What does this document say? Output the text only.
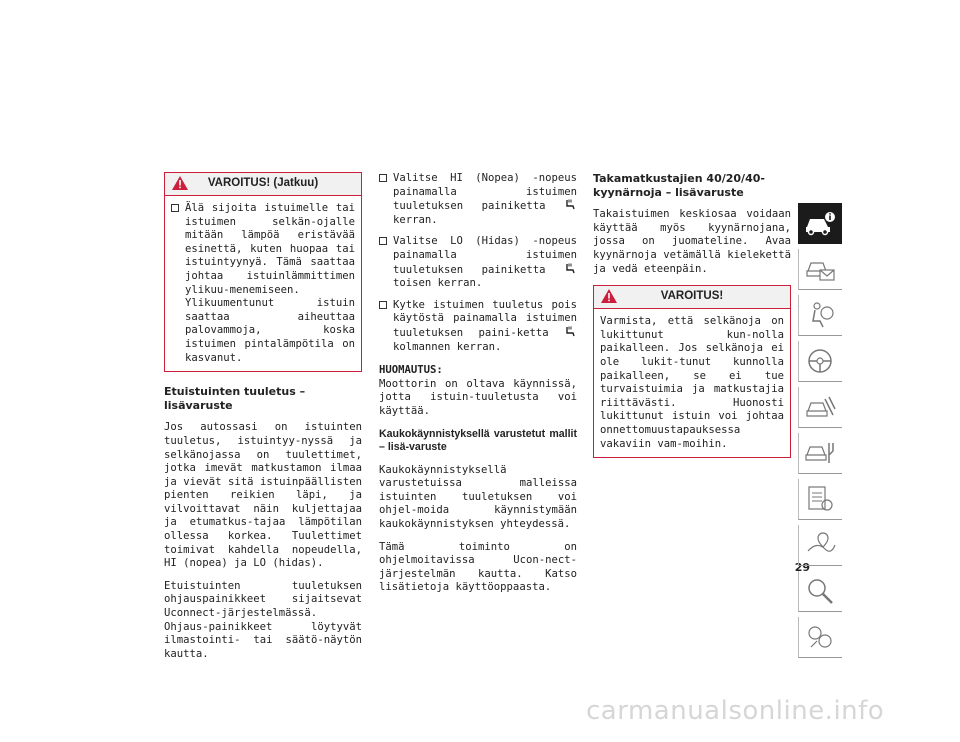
VAROITUS! (Jatkuu)
Älä sijoita istuimelle tai istuimen selkän-ojalle mitään lämpöä eristävää esinettä, kuten huopaa tai istuintyynyä. Tämä saattaa johtaa istuinlämmittimen ylikuu-menemiseen. Ylikuumentunut istuin saattaa aiheuttaa palovammoja, koska istuimen pintalämpötila on kasvanut.
Etuistuinten tuuletus – lisävaruste

Jos autossasi on istuinten tuuletus, istuintyy-nyssä ja selkänojassa on tuulettimet, jotka imevät matkustamon ilmaa ja vievät sitä istuinpäällisten pienten reikien läpi, ja vilvoittavat näin kuljettajaa ja etumatkus-tajaa lämpötilan ollessa korkea. Tuulettimet toimivat kahdella nopeudella, HI (nopea) ja LO (hidas).

Etuistuinten tuuletuksen ohjauspainikkeet sijaitsevat Uconnect-järjestelmässä. Ohjaus-painikkeet löytyvät ilmastointi- tai säätö-näytön kautta.

Valitse HI (Nopea) -nopeus painamalla istuimen tuuletuksen painiketta  kerran.
Valitse LO (Hidas) -nopeus painamalla istuimen tuuletuksen painiketta  toisen kerran.
Kytke istuimen tuuletus pois käytöstä painamalla istuimen tuuletuksen paini-ketta  kolmannen kerran.

HUOMAUTUS:

Moottorin on oltava käynnissä, jotta istuin-tuuletusta voi käyttää.

Kaukokäynnistyksellä varustetut mallit – lisä-varuste

Kaukokäynnistyksellä varustetuissa malleissa istuinten tuuletuksen voi ohjel-moida käynnistymään kaukokäynnistyksen yhteydessä.

Tämä toiminto on ohjelmoitavissa Ucon-nect-järjestelmän kautta. Katso lisätietoja käyttöoppaasta.

Takamatkustajien 40/20/40-kyynärnoja – lisävaruste

Takaistuimen keskiosaa voidaan käyttää myös kyynärnojana, jossa on juomateline. Avaa kyynärnoja vetämällä kielekettä ja vedä eteenpäin.

VAROITUS!

Varmista, että selkänoja on lukittunut kun-nolla paikalleen. Jos selkänoja ei ole lukit-tunut kunnolla paikalleen, se ei tue turvaistuimia ja matkustajia riittävästi. Huonosti lukittunut istuin voi johtaa onnettomuustapauksessa vakaviin vam-moihin.

29
carmanualsonline.info
